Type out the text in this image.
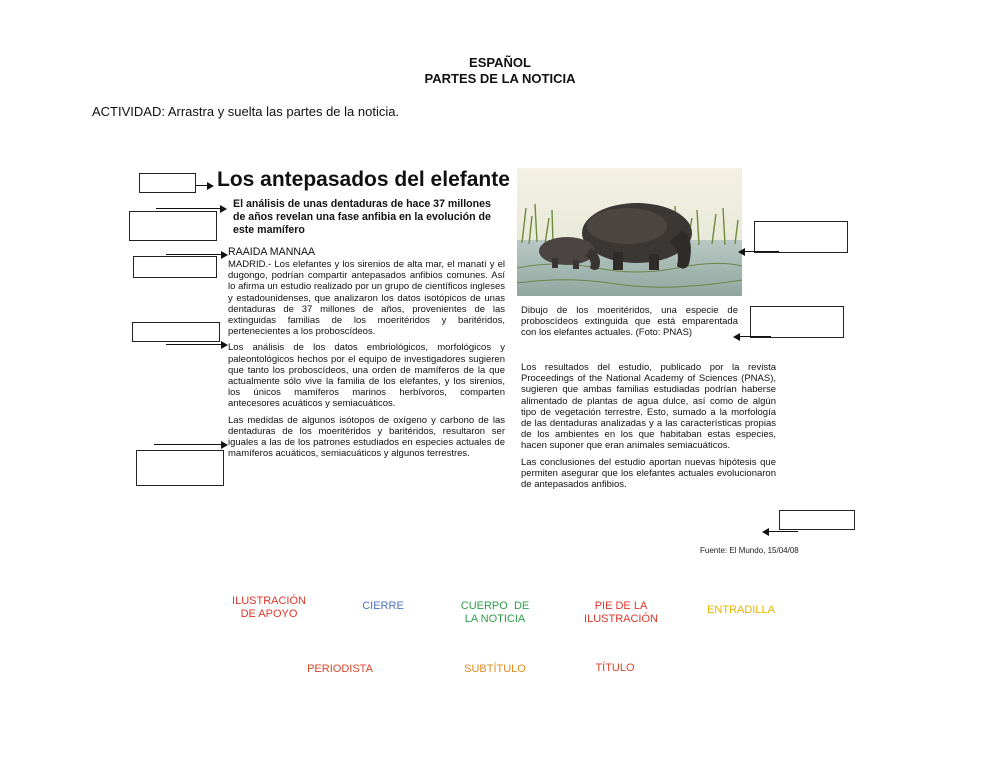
ESPAÑOL
PARTES DE LA NOTICIA
ACTIVIDAD: Arrastra y suelta las partes de la noticia.
Los antepasados del elefante
El análisis de unas dentaduras de hace 37 millones de años revelan una fase anfibia en la evolución de este mamífero
RAAIDA MANNAA

MADRID.- Los elefantes y los sirenios de alta mar, el manatí y el dugongo, podrían compartir antepasados anfibios comunes. Así lo afirma un estudio realizado por un grupo de científicos ingleses y estadounidenses, que analizaron los datos isotópicos de unas dentaduras de 37 millones de años, provenientes de las extinguidas familias de los moeritéridos y baritéridos, pertenecientes a los proboscídeos.

Los análisis de los datos embriológicos, morfológicos y paleontológicos hechos por el equipo de investigadores sugieren que tanto los proboscídeos, una orden de mamíferos de la que actualmente sólo vive la familia de los elefantes, y los sirenios, los únicos mamíferos marinos herbívoros, comparten antecesores acuáticos y semiacuáticos.

Las medidas de algunos isótopos de oxígeno y carbono de las dentaduras de los moeritéridos y baritéridos, resultaron ser iguales a las de los patrones estudiados en especies actuales de mamíferos acuáticos, semiacuáticos y algunos terrestres.

Dibujo de los moeritéridos, una especie de proboscídeos extinguida que está emparentada con los elefantes actuales. (Foto: PNAS)

Los resultados del estudio, publicado por la revista Proceedings of the National Academy of Sciences (PNAS), sugieren que ambas familias estudiadas podrían haberse alimentado de plantas de agua dulce, así como de algún tipo de vegetación terrestre. Esto, sumado a la morfología de las dentaduras analizadas y a las características propias de los ambientes en los que habitaban estas especies, hacen suponer que eran animales semiacuáticos.

Las conclusiones del estudio aportan nuevas hipótesis que permiten asegurar que los elefantes actuales evolucionaron de antepasados anfibios.

Fuente: El Mundo, 15/04/08
ILUSTRACIÓN
DE APOYO
CIERRE	CUERPO  DE
LA NOTICIA
PIE DE LA
ILUSTRACIÓN
ENTRADILLA
PERIODISTA	SUBTÍTULO	TÍTULO
